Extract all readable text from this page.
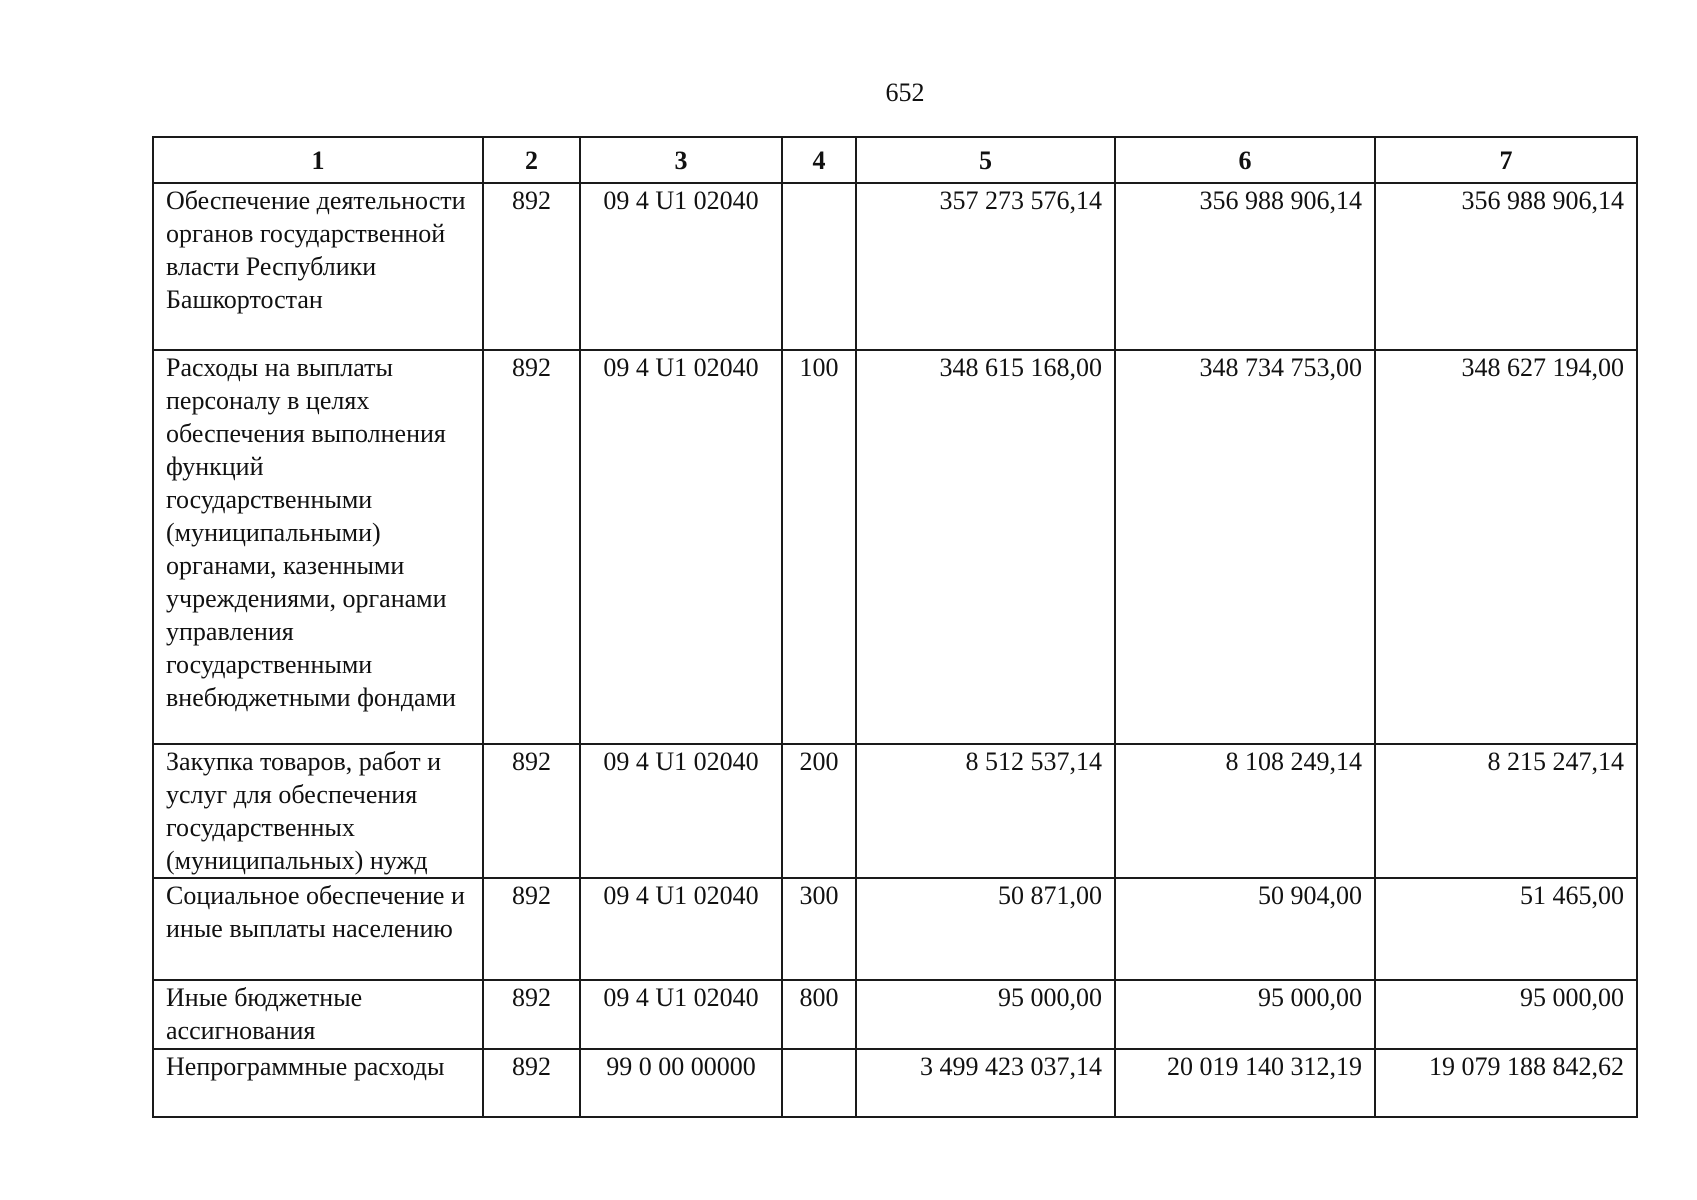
652
1	2	3	4	5	6	7
Обеспечение деятельности органов государственной власти Республики Башкортостан	892	09 4 U1 02040		357 273 576,14	356 988 906,14	356 988 906,14
Расходы на выплаты персоналу в целях обеспечения выполнения функций государственными (муниципальными) органами, казенными учреждениями, органами управления государственными внебюджетными фондами	892	09 4 U1 02040	100	348 615 168,00	348 734 753,00	348 627 194,00
Закупка товаров, работ и услуг для обеспечения государственных (муниципальных) нужд	892	09 4 U1 02040	200	8 512 537,14	8 108 249,14	8 215 247,14
Социальное обеспечение и иные выплаты населению	892	09 4 U1 02040	300	50 871,00	50 904,00	51 465,00
Иные бюджетные ассигнования	892	09 4 U1 02040	800	95 000,00	95 000,00	95 000,00
Непрограммные расходы	892	99 0 00 00000		3 499 423 037,14	20 019 140 312,19	19 079 188 842,62
